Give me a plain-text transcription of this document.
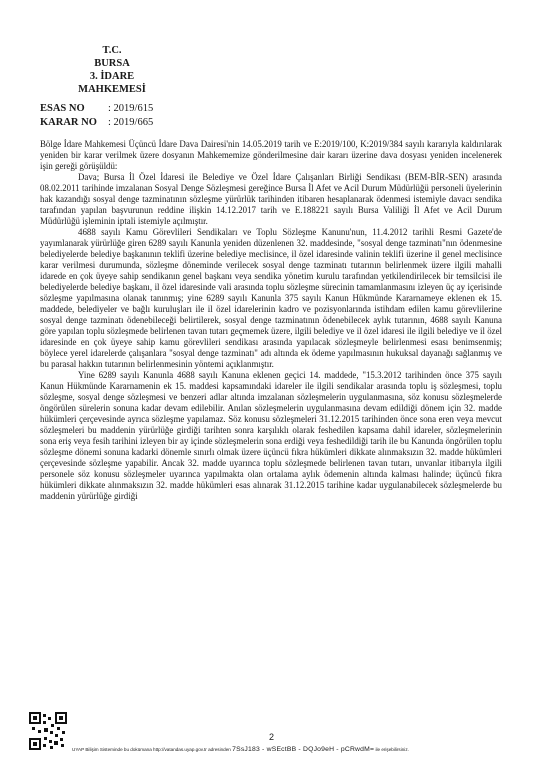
T.C.
BURSA
3. İDARE MAHKEMESİ
ESAS NO	: 2019/615
KARAR NO	: 2019/665

Bölge İdare Mahkemesi Üçüncü İdare Dava Dairesi'nin 14.05.2019 tarih ve E:2019/100, K:2019/384 sayılı kararıyla kaldırılarak yeniden bir karar verilmek üzere dosyanın Mahkememize gönderilmesine dair kararı üzerine dava dosyası yeniden incelenerek işin gereği görüşüldü:

Dava; Bursa İl Özel İdaresi ile Belediye ve Özel İdare Çalışanları Birliği Sendikası (BEM-BİR-SEN) arasında 08.02.2011 tarihinde imzalanan Sosyal Denge Sözleşmesi gereğince Bursa İl Afet ve Acil Durum Müdürlüğü personeli üyelerinin hak kazandığı sosyal denge tazminatının sözleşme yürürlük tarihinden itibaren hesaplanarak ödenmesi istemiyle davacı sendika tarafından yapılan başvurunun reddine ilişkin 14.12.2017 tarih ve E.188221 sayılı Bursa Valiliği İl Afet ve Acil Durum Müdürlüğü işleminin iptali istemiyle açılmıştır.

4688 sayılı Kamu Görevlileri Sendikaları ve Toplu Sözleşme Kanunu'nun, 11.4.2012 tarihli Resmi Gazete'de yayımlanarak yürürlüğe giren 6289 sayılı Kanunla yeniden düzenlenen 32. maddesinde, "sosyal denge tazminatı"nın ödenmesine belediyelerde belediye başkanının teklifi üzerine belediye meclisince, il özel idaresinde valinin teklifi üzerine il genel meclisince karar verilmesi durumunda, sözleşme döneminde verilecek sosyal denge tazminatı tutarının belirlenmek üzere ilgili mahalli idarede en çok üyeye sahip sendikanın genel başkanı veya sendika yönetim kurulu tarafından yetkilendirilecek bir temsilcisi ile belediyelerde belediye başkanı, il özel idaresinde vali arasında toplu sözleşme sürecinin tamamlanmasını izleyen üç ay içerisinde sözleşme yapılmasına olanak tanınmış; yine 6289 sayılı Kanunla 375 sayılı Kanun Hükmünde Kararnameye eklenen ek 15. maddede, belediyeler ve bağlı kuruluşları ile il özel idarelerinin kadro ve pozisyonlarında istihdam edilen kamu görevlilerine sosyal denge tazminatı ödenebileceği belirtilerek, sosyal denge tazminatının ödenebilecek aylık tutarının, 4688 sayılı Kanuna göre yapılan toplu sözleşmede belirlenen tavan tutarı geçmemek üzere, ilgili belediye ve il özel idaresi ile ilgili belediye ve il özel idaresinde en çok üyeye sahip kamu görevlileri sendikası arasında yapılacak sözleşmeyle belirlenmesi esası benimsenmiş; böylece yerel idarelerde çalışanlara "sosyal denge tazminatı" adı altında ek ödeme yapılmasının hukuksal dayanağı sağlanmış ve bu parasal hakkın tutarının belirlenmesinin yöntemi açıklanmıştır.

Yine 6289 sayılı Kanunla 4688 sayılı Kanuna eklenen geçici 14. maddede, "15.3.2012 tarihinden önce 375 sayılı Kanun Hükmünde Kararnamenin ek 15. maddesi kapsamındaki idareler ile ilgili sendikalar arasında toplu iş sözleşmesi, toplu sözleşme, sosyal denge sözleşmesi ve benzeri adlar altında imzalanan sözleşmelerin uygulanmasına, söz konusu sözleşmelerde öngörülen sürelerin sonuna kadar devam edilebilir. Anılan sözleşmelerin uygulanmasına devam edildiği dönem için 32. madde hükümleri çerçevesinde ayrıca sözleşme yapılamaz. Söz konusu sözleşmeleri 31.12.2015 tarihinden önce sona eren veya mevcut sözleşmeleri bu maddenin yürürlüğe girdiği tarihten sonra karşılıklı olarak feshedilen kapsama dahil idareler, sözleşmelerinin sona eriş veya fesih tarihini izleyen bir ay içinde sözleşmelerin sona erdiği veya feshedildiği tarih ile bu Kanunda öngörülen toplu sözleşme dönemi sonuna kadarki dönemle sınırlı olmak üzere üçüncü fıkra hükümleri dikkate alınmaksızın 32. madde hükümleri çerçevesinde sözleşme yapabilir. Ancak 32. madde uyarınca toplu sözleşmede belirlenen tavan tutarı, unvanlar itibarıyla ilgili personele söz konusu sözleşmeler uyarınca yapılmakta olan ortalama aylık ödemenin altında kalması halinde; üçüncü fıkra hükümleri dikkate alınmaksızın 32. madde hükümleri esas alınarak 31.12.2015 tarihine kadar uygulanabilecek sözleşmelerde bu maddenin yürürlüğe girdiği

2
UYAP Bilişim Sisteminde bu dokümana http://vatandas.uyap.gov.tr adresinden 7SsJ183 - wSEctBB - DQJo9eH - pCRwdM= ile erişebilirsiniz.
